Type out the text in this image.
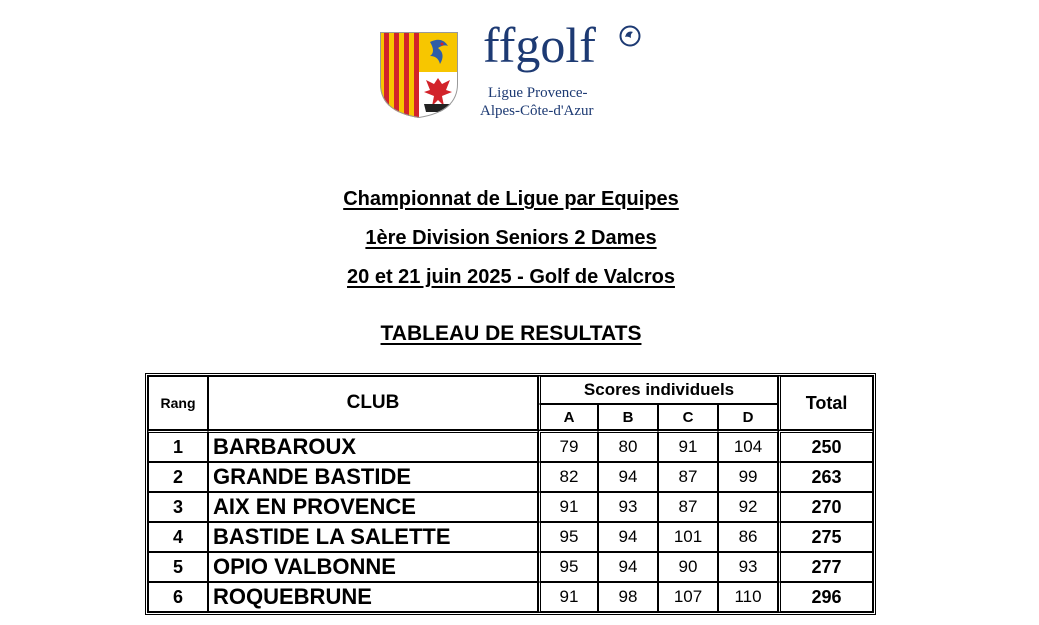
ffgolf
Ligue Provence-
Alpes-Côte-d'Azur
Championnat de Ligue par Equipes
1ère Division Seniors 2 Dames
20 et 21 juin 2025 - Golf de Valcros
TABLEAU DE RESULTATS
Rang	CLUB	Scores individuels				Total
		A	B	C	D	
1	BARBAROUX	79	80	91	104	250
2	GRANDE BASTIDE	82	94	87	99	263
3	AIX EN PROVENCE	91	93	87	92	270
4	BASTIDE LA SALETTE	95	94	101	86	275
5	OPIO VALBONNE	95	94	90	93	277
6	ROQUEBRUNE	91	98	107	110	296
